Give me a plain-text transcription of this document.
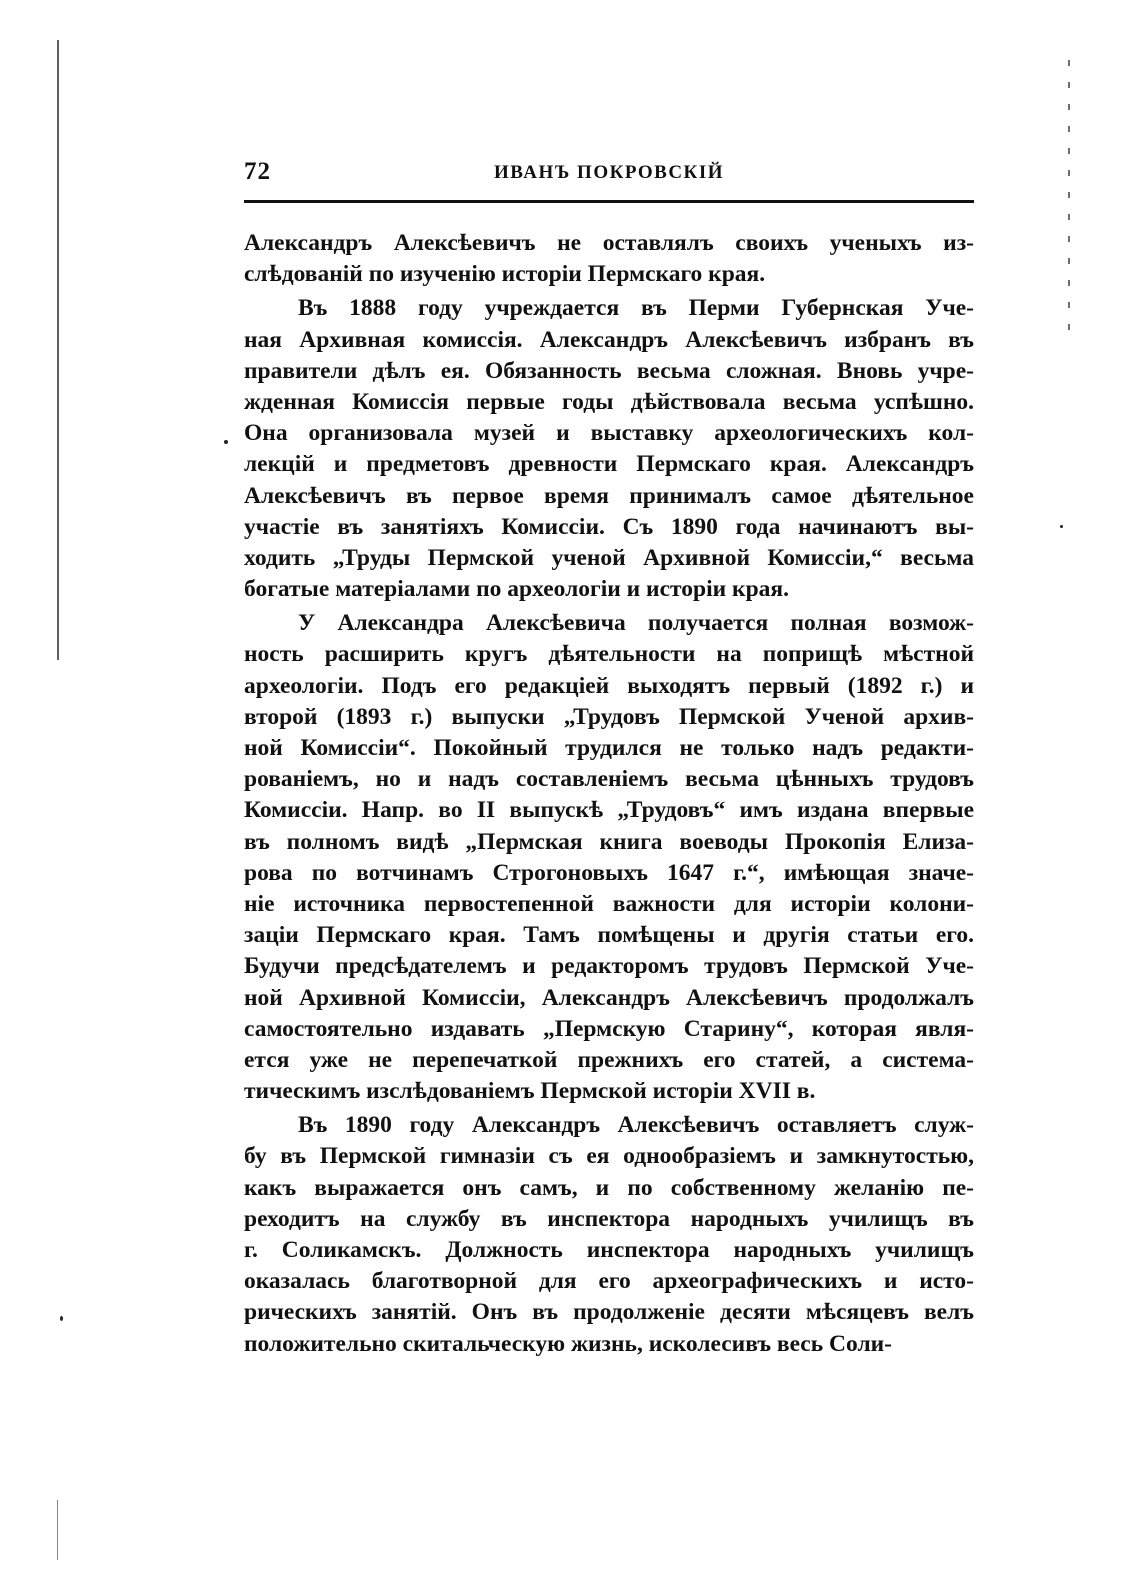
72	ИВАНЪ ПОКРОВСКІЙ
Александръ Алексѣевичъ не оставлялъ своихъ ученыхъ из-
слѣдованій по изученію исторіи Пермскаго края.
Въ 1888 году учреждается въ Перми Губернская Уче-
ная Архивная комиссія. Александръ Алексѣевичъ избранъ въ
правители дѣлъ ея. Обязанность весьма сложная. Вновь учре-
жденная Комиссія первые годы дѣйствовала весьма успѣшно.
Она организовала музей и выставку археологическихъ кол-
лекцій и предметовъ древности Пермскаго края. Александръ
Алексѣевичъ въ первое время принималъ самое дѣятельное
участіе въ занятіяхъ Комиссіи. Съ 1890 года начинаютъ вы-
ходить „Труды Пермской ученой Архивной Комиссіи,“ весьма
богатые матеріалами по археологіи и исторіи края.
У Александра Алексѣевича получается полная возмож-
ность расширить кругъ дѣятельности на поприщѣ мѣстной
археологіи. Подъ его редакціей выходятъ первый (1892 г.) и
второй (1893 г.) выпуски „Трудовъ Пермской Ученой архив-
ной Комиссіи“. Покойный трудился не только надъ редакти-
рованіемъ, но и надъ составленіемъ весьма цѣнныхъ трудовъ
Комиссіи. Напр. во II выпускѣ „Трудовъ“ имъ издана впервые
въ полномъ видѣ „Пермская книга воеводы Прокопія Елиза-
рова по вотчинамъ Строгоновыхъ 1647 г.“, имѣющая значе-
ніе источника первостепенной важности для исторіи колони-
заціи Пермскаго края. Тамъ помѣщены и другія статьи его.
Будучи предсѣдателемъ и редакторомъ трудовъ Пермской Уче-
ной Архивной Комиссіи, Александръ Алексѣевичъ продолжалъ
самостоятельно издавать „Пермскую Старину“, которая явля-
ется уже не перепечаткой прежнихъ его статей, а система-
тическимъ изслѣдованіемъ Пермской исторіи XVII в.
Въ 1890 году Александръ Алексѣевичъ оставляетъ служ-
бу въ Пермской гимназіи съ ея однообразіемъ и замкнутостью,
какъ выражается онъ самъ, и по собственному желанію пе-
реходитъ на службу въ инспектора народныхъ училищъ въ
г. Соликамскъ. Должность инспектора народныхъ училищъ
оказалась благотворной для его археографическихъ и исто-
рическихъ занятій. Онъ въ продолженіе десяти мѣсяцевъ велъ
положительно скитальческую жизнь, исколесивъ весь Соли-
